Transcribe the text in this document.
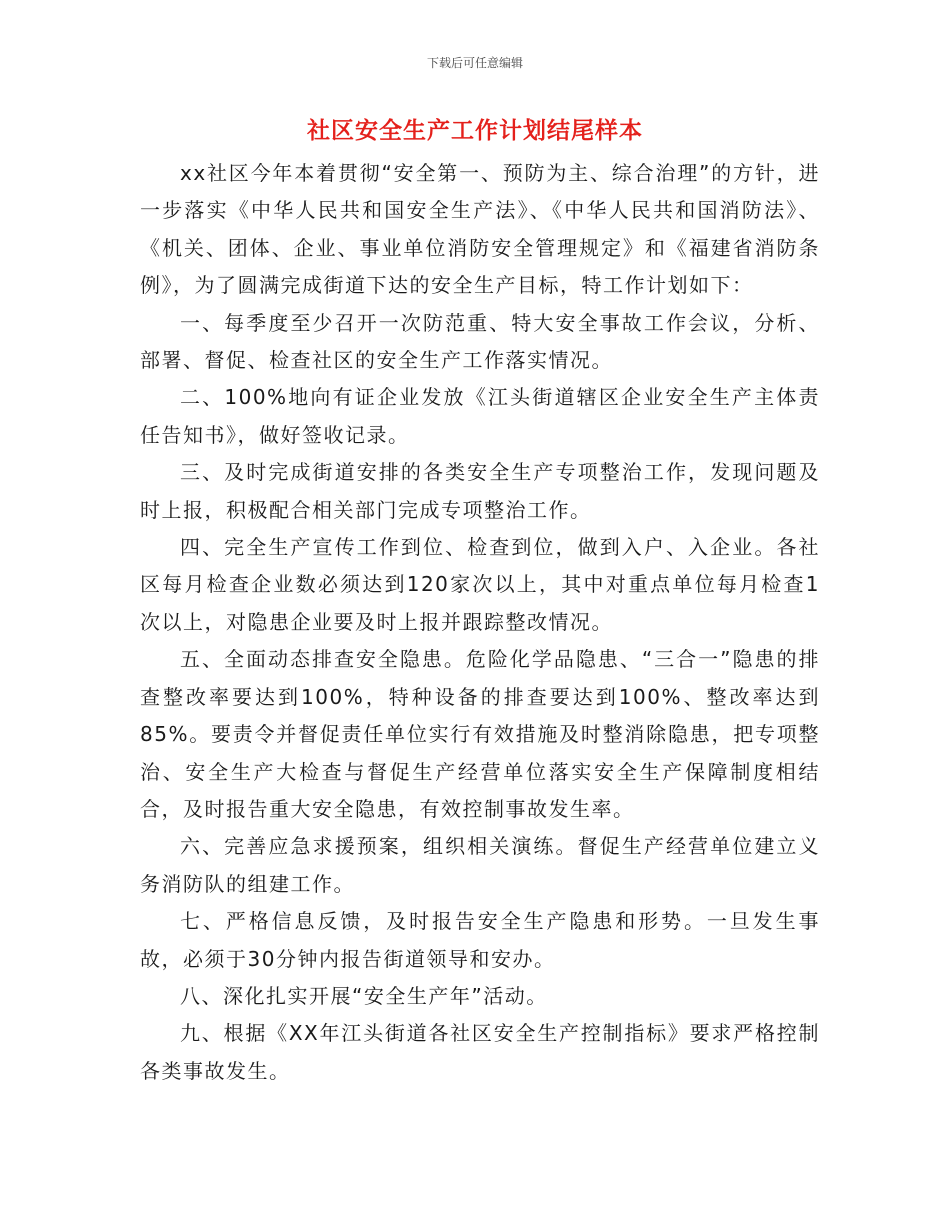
下载后可任意编辑
社区安全生产工作计划结尾样本

xx社区今年本着贯彻“安全第一、预防为主、综合治理”的方针，进一步落实《中华人民共和国安全生产法》、《中华人民共和国消防法》、《机关、团体、企业、事业单位消防安全管理规定》和《福建省消防条例》，为了圆满完成街道下达的安全生产目标，特工作计划如下：

一、每季度至少召开一次防范重、特大安全事故工作会议，分析、部署、督促、检查社区的安全生产工作落实情况。

二、100%地向有证企业发放《江头街道辖区企业安全生产主体责任告知书》，做好签收记录。

三、及时完成街道安排的各类安全生产专项整治工作，发现问题及时上报，积极配合相关部门完成专项整治工作。

四、完全生产宣传工作到位、检查到位，做到入户、入企业。各社区每月检查企业数必须达到120家次以上，其中对重点单位每月检查1次以上，对隐患企业要及时上报并跟踪整改情况。

五、全面动态排查安全隐患。危险化学品隐患、“三合一”隐患的排查整改率要达到100%，特种设备的排查要达到100%、整改率达到85%。要责令并督促责任单位实行有效措施及时整消除隐患，把专项整治、安全生产大检查与督促生产经营单位落实安全生产保障制度相结合，及时报告重大安全隐患，有效控制事故发生率。

六、完善应急求援预案，组织相关演练。督促生产经营单位建立义务消防队的组建工作。

七、严格信息反馈，及时报告安全生产隐患和形势。一旦发生事故，必须于30分钟内报告街道领导和安办。

八、深化扎实开展“安全生产年”活动。

九、根据《XX年江头街道各社区安全生产控制指标》要求严格控制各类事故发生。
